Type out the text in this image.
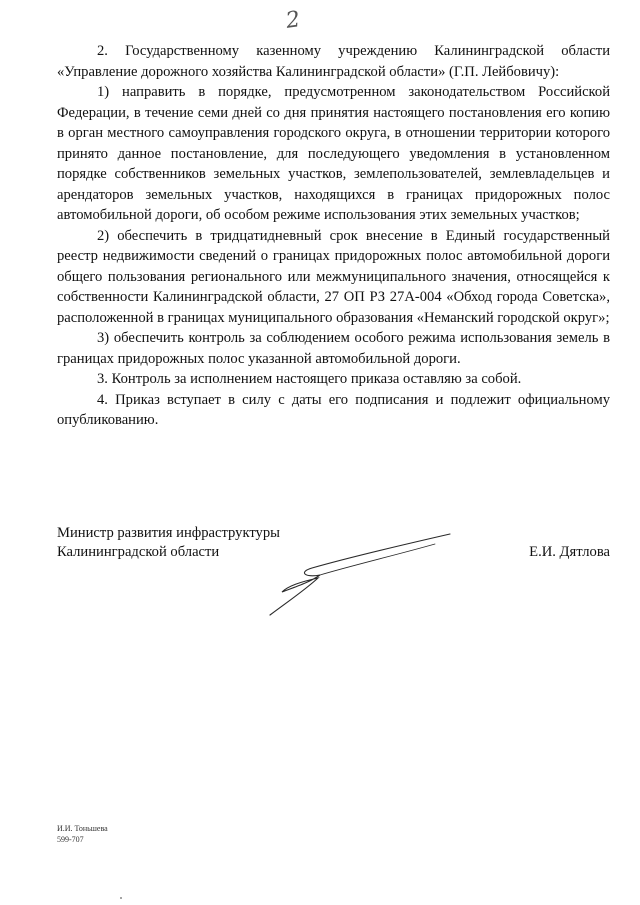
2

2. Государственному казенному учреждению Калининградской области «Управление дорожного хозяйства Калининградской области» (Г.П. Лейбовичу):

1) направить в порядке, предусмотренном законодательством Российской Федерации, в течение семи дней со дня принятия настоящего постановления его копию в орган местного самоуправления городского округа, в отношении территории которого принято данное постановление, для последующего уведомления в установленном порядке собственников земельных участков, землепользователей, землевладельцев и арендаторов земельных участков, находящихся в границах придорожных полос автомобильной дороги, об особом режиме использования этих земельных участков;

2) обеспечить в тридцатидневный срок внесение в Единый государственный реестр недвижимости сведений о границах придорожных полос автомобильной дороги общего пользования регионального или межмуниципального значения, относящейся к собственности Калининградской области, 27 ОП РЗ 27А-004 «Обход города Советска», расположенной в границах муниципального образования «Неманский городской округ»;

3) обеспечить контроль за соблюдением особого режима использования земель в границах придорожных полос указанной автомобильной дороги.

3. Контроль за исполнением настоящего приказа оставляю за собой.

4. Приказ вступает в силу с даты его подписания и подлежит официальному опубликованию.

Министр развития инфраструктуры
Калининградской области	Е.И. Дятлова
И.И. Тоньшева
599-707
